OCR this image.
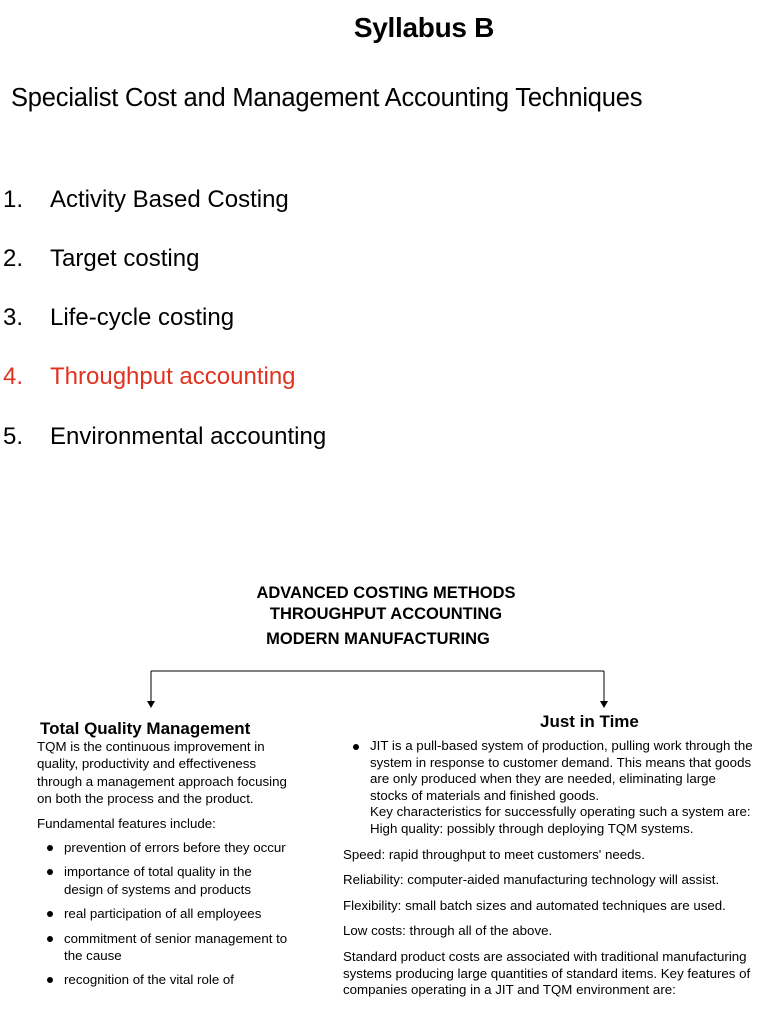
Syllabus B
Specialist Cost and Management Accounting Techniques
1. Activity Based Costing
2. Target costing
3. Life-cycle costing
4. Throughput accounting
5. Environmental accounting
ADVANCED COSTING METHODS
THROUGHPUT ACCOUNTING
MODERN MANUFACTURING
Total Quality Management	Just in Time

TQM is the continuous improvement in quality, productivity and effectiveness through a management approach focusing on both the process and the product.

Fundamental features include:

prevention of errors before they occur
importance of total quality in the design of systems and products
real participation of all employees
commitment of senior management to the cause
recognition of the vital role of
JIT is a pull-based system of production, pulling work through the system in response to customer demand. This means that goods are only produced when they are needed, eliminating large stocks of materials and finished goods.
Key characteristics for successfully operating such a system are: High quality: possibly through deploying TQM systems.

Speed: rapid throughput to meet customers' needs.

Reliability: computer-aided manufacturing technology will assist.

Flexibility: small batch sizes and automated techniques are used.

Low costs: through all of the above.

Standard product costs are associated with traditional manufacturing systems producing large quantities of standard items. Key features of companies operating in a JIT and TQM environment are:
